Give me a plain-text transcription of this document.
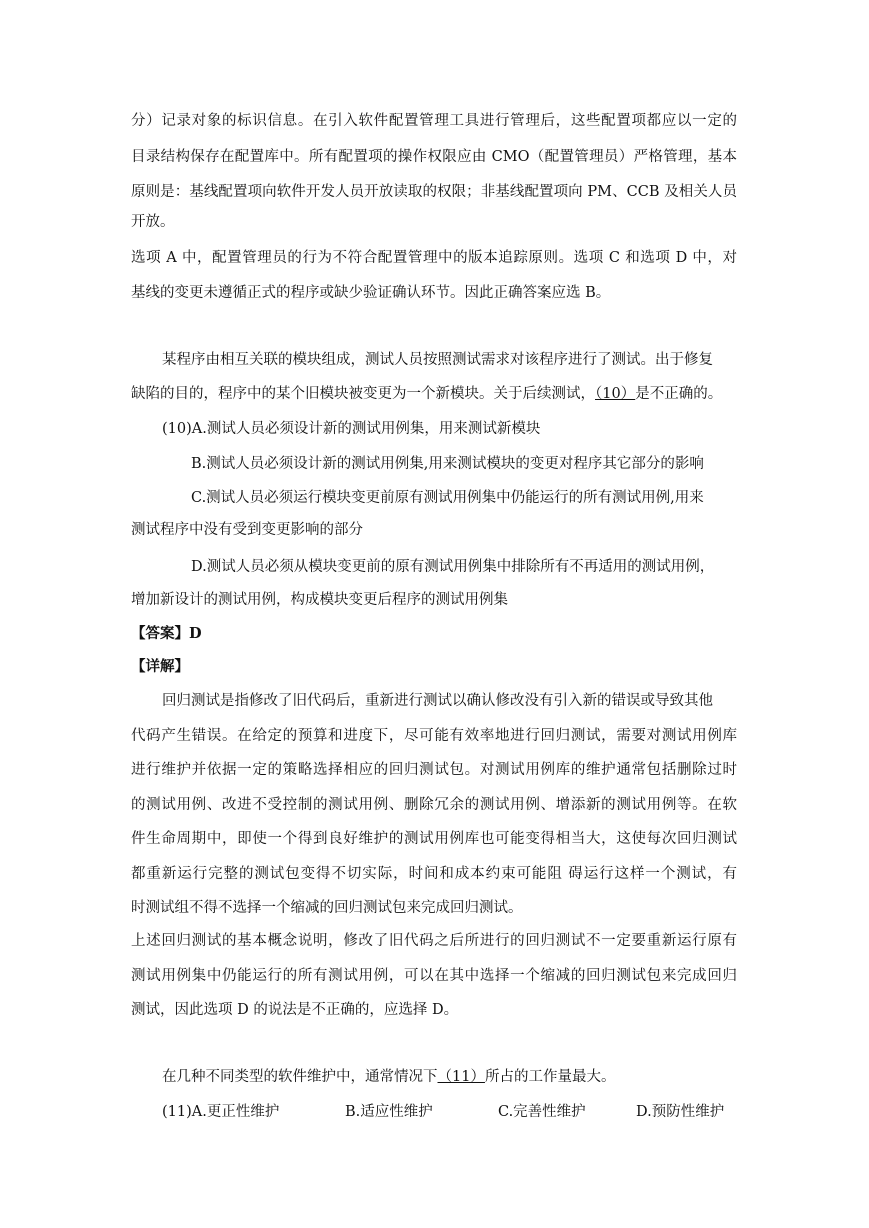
分）记录对象的标识信息。在引入软件配置管理工具进行管理后，这些配置项都应以一定的
目录结构保存在配置库中。所有配置项的操作权限应由 CMO（配置管理员）严格管理，基本
原则是：基线配置项向软件开发人员开放读取的权限；非基线配置项向 PM、CCB 及相关人员
开放。
选项 A 中，配置管理员的行为不符合配置管理中的版本追踪原则。选项 C 和选项 D 中，对
基线的变更未遵循正式的程序或缺少验证确认环节。因此正确答案应选 B。
某程序由相互关联的模块组成，测试人员按照测试需求对该程序进行了测试。出于修复
缺陷的目的，程序中的某个旧模块被变更为一个新模块。关于后续测试，（10）是不正确的。
(10)A.测试人员必须设计新的测试用例集，用来测试新模块
B.测试人员必须设计新的测试用例集,用来测试模块的变更对程序其它部分的影响
C.测试人员必须运行模块变更前原有测试用例集中仍能运行的所有测试用例,用来
测试程序中没有受到变更影响的部分
D.测试人员必须从模块变更前的原有测试用例集中排除所有不再适用的测试用例，
增加新设计的测试用例，构成模块变更后程序的测试用例集
【答案】D
【详解】
回归测试是指修改了旧代码后，重新进行测试以确认修改没有引入新的错误或导致其他
代码产生错误。在给定的预算和进度下，尽可能有效率地进行回归测试，需要对测试用例库
进行维护并依据一定的策略选择相应的回归测试包。对测试用例库的维护通常包括删除过时
的测试用例、改进不受控制的测试用例、删除冗余的测试用例、增添新的测试用例等。在软
件生命周期中，即使一个得到良好维护的测试用例库也可能变得相当大，这使每次回归测试
都重新运行完整的测试包变得不切实际，时间和成本约束可能阻 碍运行这样一个测试，有
时测试组不得不选择一个缩减的回归测试包来完成回归测试。
上述回归测试的基本概念说明，修改了旧代码之后所进行的回归测试不一定要重新运行原有
测试用例集中仍能运行的所有测试用例，可以在其中选择一个缩减的回归测试包来完成回归
测试，因此选项 D 的说法是不正确的，应选择 D。
在几种不同类型的软件维护中，通常情况下（11）所占的工作量最大。
(11)A.更正性维护	B.适应性维护	C.完善性维护	D.预防性维护
